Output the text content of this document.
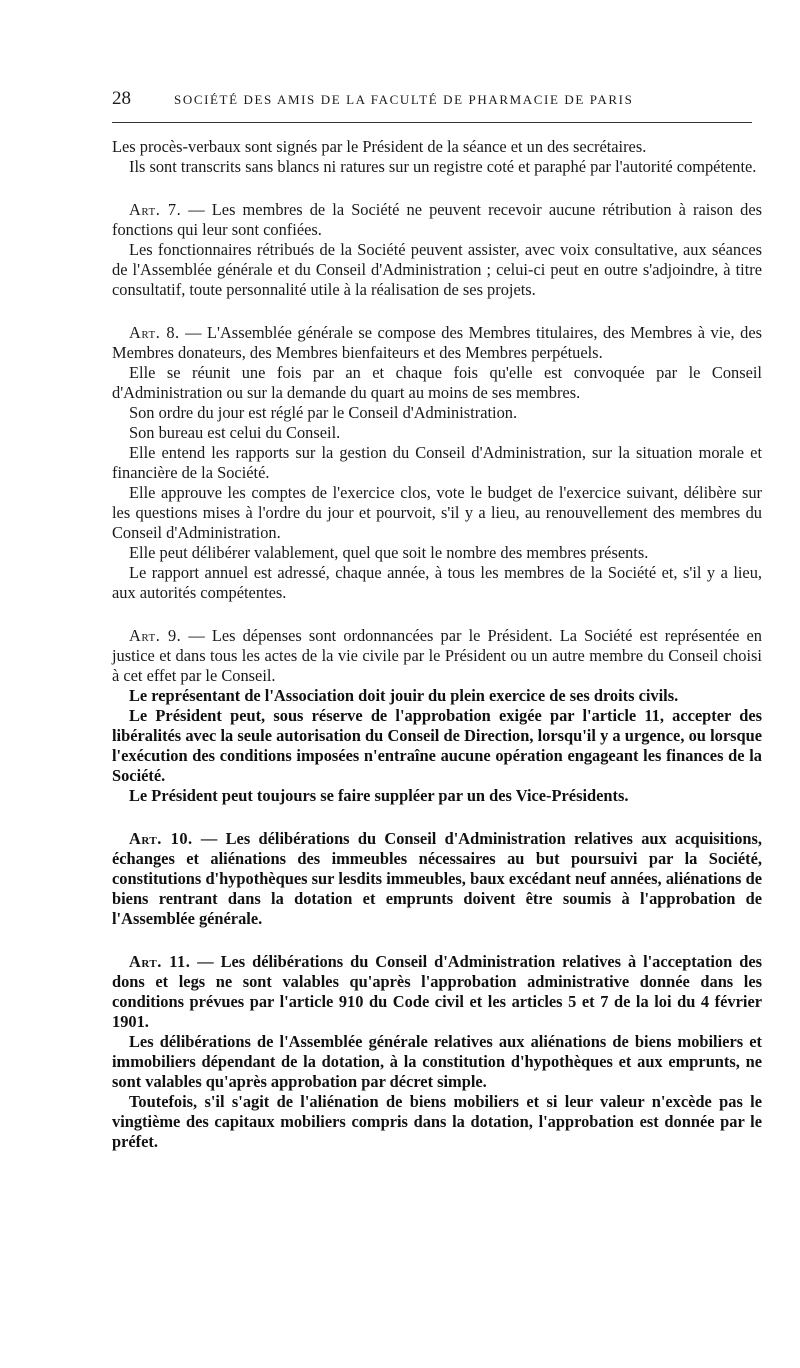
28	SOCIÉTÉ DES AMIS DE LA FACULTÉ DE PHARMACIE DE PARIS

Les procès-verbaux sont signés par le Président de la séance et un des secrétaires.

Ils sont transcrits sans blancs ni ratures sur un registre coté et paraphé par l'autorité compétente.

Art. 7. — Les membres de la Société ne peuvent recevoir aucune rétribution à raison des fonctions qui leur sont confiées.

Les fonctionnaires rétribués de la Société peuvent assister, avec voix consultative, aux séances de l'Assemblée générale et du Conseil d'Administration ; celui-ci peut en outre s'adjoindre, à titre consultatif, toute personnalité utile à la réalisation de ses projets.

Art. 8. — L'Assemblée générale se compose des Membres titulaires, des Membres à vie, des Membres donateurs, des Membres bienfaiteurs et des Membres perpétuels.

Elle se réunit une fois par an et chaque fois qu'elle est convoquée par le Conseil d'Administration ou sur la demande du quart au moins de ses membres.

Son ordre du jour est réglé par le Conseil d'Administration.

Son bureau est celui du Conseil.

Elle entend les rapports sur la gestion du Conseil d'Administration, sur la situation morale et financière de la Société.

Elle approuve les comptes de l'exercice clos, vote le budget de l'exercice suivant, délibère sur les questions mises à l'ordre du jour et pourvoit, s'il y a lieu, au renouvellement des membres du Conseil d'Administration.

Elle peut délibérer valablement, quel que soit le nombre des membres présents.

Le rapport annuel est adressé, chaque année, à tous les membres de la Société et, s'il y a lieu, aux autorités compétentes.

Art. 9. — Les dépenses sont ordonnancées par le Président. La Société est représentée en justice et dans tous les actes de la vie civile par le Président ou un autre membre du Conseil choisi à cet effet par le Conseil.

Le représentant de l'Association doit jouir du plein exercice de ses droits civils.

Le Président peut, sous réserve de l'approbation exigée par l'article 11, accepter des libéralités avec la seule autorisation du Conseil de Direction, lorsqu'il y a urgence, ou lorsque l'exécution des conditions imposées n'entraîne aucune opération engageant les finances de la Société.

Le Président peut toujours se faire suppléer par un des Vice-Présidents.

Art. 10. — Les délibérations du Conseil d'Administration relatives aux acquisitions, échanges et aliénations des immeubles nécessaires au but poursuivi par la Société, constitutions d'hypothèques sur lesdits immeubles, baux excédant neuf années, aliénations de biens rentrant dans la dotation et emprunts doivent être soumis à l'approbation de l'Assemblée générale.

Art. 11. — Les délibérations du Conseil d'Administration relatives à l'acceptation des dons et legs ne sont valables qu'après l'approbation administrative donnée dans les conditions prévues par l'article 910 du Code civil et les articles 5 et 7 de la loi du 4 février 1901.

Les délibérations de l'Assemblée générale relatives aux aliénations de biens mobiliers et immobiliers dépendant de la dotation, à la constitution d'hypothèques et aux emprunts, ne sont valables qu'après approbation par décret simple.

Toutefois, s'il s'agit de l'aliénation de biens mobiliers et si leur valeur n'excède pas le vingtième des capitaux mobiliers compris dans la dotation, l'approbation est donnée par le préfet.
